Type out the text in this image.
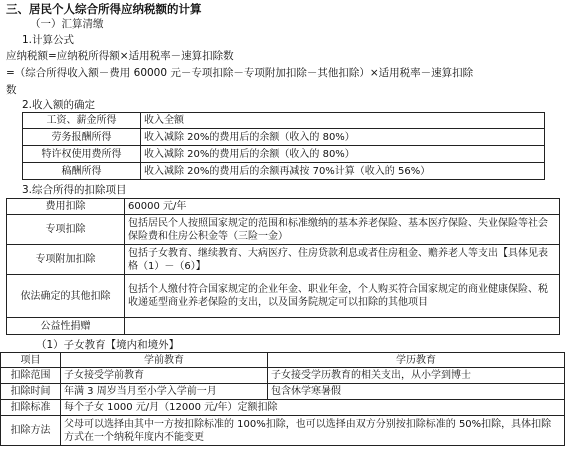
三、居民个人综合所得应纳税额的计算
（一）汇算清缴
1.计算公式
应纳税额=应纳税所得额×适用税率－速算扣除数
=（综合所得收入额－费用 60000 元－专项扣除－专项附加扣除－其他扣除）×适用税率－速算扣除
数
2.收入额的确定
工资、薪金所得	收入全额
劳务报酬所得	收入减除 20%的费用后的余额（收入的 80%）
特许权使用费所得	收入减除 20%的费用后的余额（收入的 80%）
稿酬所得	收入减除 20%的费用后的余额再减按 70%计算（收入的 56%）
3.综合所得的扣除项目
费用扣除	60000 元/年
专项扣除	包括居民个人按照国家规定的范围和标准缴纳的基本养老保险、基本医疗保险、失业保险等社会保险费和住房公积金等（三险一金）
专项附加扣除	包括子女教育、继续教育、大病医疗、住房贷款利息或者住房租金、赡养老人等支出【具体见表格（1）－（6）】
依法确定的其他扣除	包括个人缴付符合国家规定的企业年金、职业年金，个人购买符合国家规定的商业健康保险、税收递延型商业养老保险的支出，以及国务院规定可以扣除的其他项目
公益性捐赠	
（1）子女教育【境内和境外】
项目	学前教育	学历教育
扣除范围	子女接受学前教育	子女接受学历教育的相关支出，从小学到博士
扣除时间	年满 3 周岁当月至小学入学前一月	包含休学寒暑假
扣除标准	每个子女 1000 元/月（12000 元/年）定额扣除	
扣除方法	父母可以选择由其中一方按扣除标准的 100%扣除，也可以选择由双方分别按扣除标准的 50%扣除，具体扣除方式在一个纳税年度内不能变更	
